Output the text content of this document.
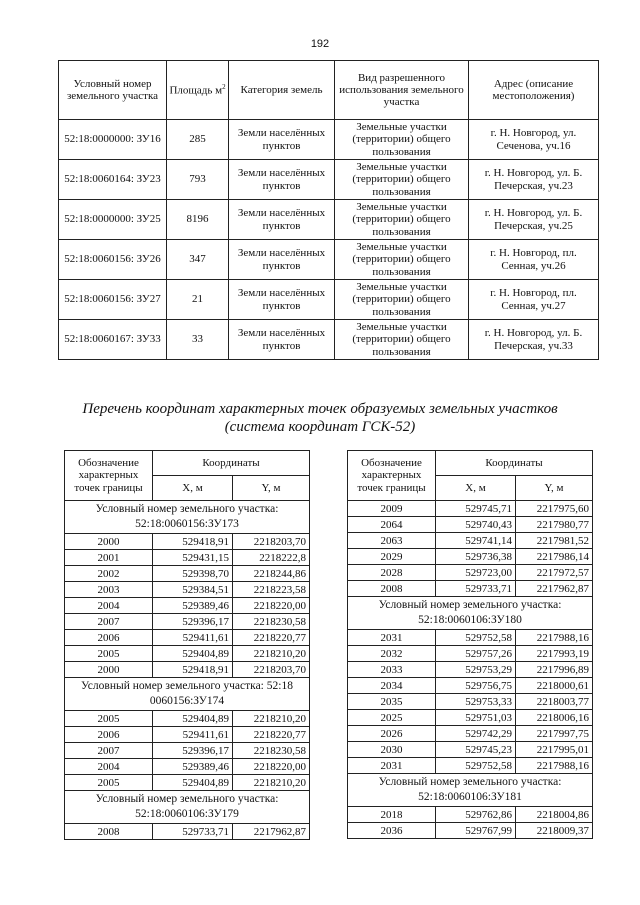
192
Условный номер земельного участка	Площадь $м^2$	Категория земель	Вид разрешенного использования земельного участка	Адрес (описание местоположения)
52:18:0000000: ЗУ16	285	Земли населённых пунктов	Земельные участки (территории) общего пользования	г. Н. Новгород, ул. Сеченова, уч.16
52:18:0060164: ЗУ23	793	Земли населённых пунктов	Земельные участки (территории) общего пользования	г. Н. Новгород, ул. Б. Печерская, уч.23
52:18:0000000: ЗУ25	8196	Земли населённых пунктов	Земельные участки (территории) общего пользования	г. Н. Новгород, ул. Б. Печерская, уч.25
52:18:0060156: ЗУ26	347	Земли населённых пунктов	Земельные участки (территории) общего пользования	г. Н. Новгород, пл. Сенная, уч.26
52:18:0060156: ЗУ27	21	Земли населённых пунктов	Земельные участки (территории) общего пользования	г. Н. Новгород, пл. Сенная, уч.27
52:18:0060167: ЗУ33	33	Земли населённых пунктов	Земельные участки (территории) общего пользования	г. Н. Новгород, ул. Б. Печерская, уч.33
Перечень координат характерных точек образуемых земельных участков
(система координат ГСК-52)
Обозначение характерных точек границы	Координаты	
	X, м	Y, м
Условный номер земельного участка: 52:18:0060156:ЗУ173		
2000	529418,91	2218203,70
2001	529431,15	2218222,8
2002	529398,70	2218244,86
2003	529384,51	2218223,58
2004	529389,46	2218220,00
2007	529396,17	2218230,58
2006	529411,61	2218220,77
2005	529404,89	2218210,20
2000	529418,91	2218203,70
Условный номер земельного участка: 52:18 0060156:ЗУ174		
2005	529404,89	2218210,20
2006	529411,61	2218220,77
2007	529396,17	2218230,58
2004	529389,46	2218220,00
2005	529404,89	2218210,20
Условный номер земельного участка: 52:18:0060106:ЗУ179		
2008	529733,71	2217962,87
Обозначение характерных точек границы	Координаты	
	X, м	Y, м
2009	529745,71	2217975,60
2064	529740,43	2217980,77
2063	529741,14	2217981,52
2029	529736,38	2217986,14
2028	529723,00	2217972,57
2008	529733,71	2217962,87
Условный номер земельного участка: 52:18:0060106:ЗУ180		
2031	529752,58	2217988,16
2032	529757,26	2217993,19
2033	529753,29	2217996,89
2034	529756,75	2218000,61
2035	529753,33	2218003,77
2025	529751,03	2218006,16
2026	529742,29	2217997,75
2030	529745,23	2217995,01
2031	529752,58	2217988,16
Условный номер земельного участка: 52:18:0060106:ЗУ181		
2018	529762,86	2218004,86
2036	529767,99	2218009,37
